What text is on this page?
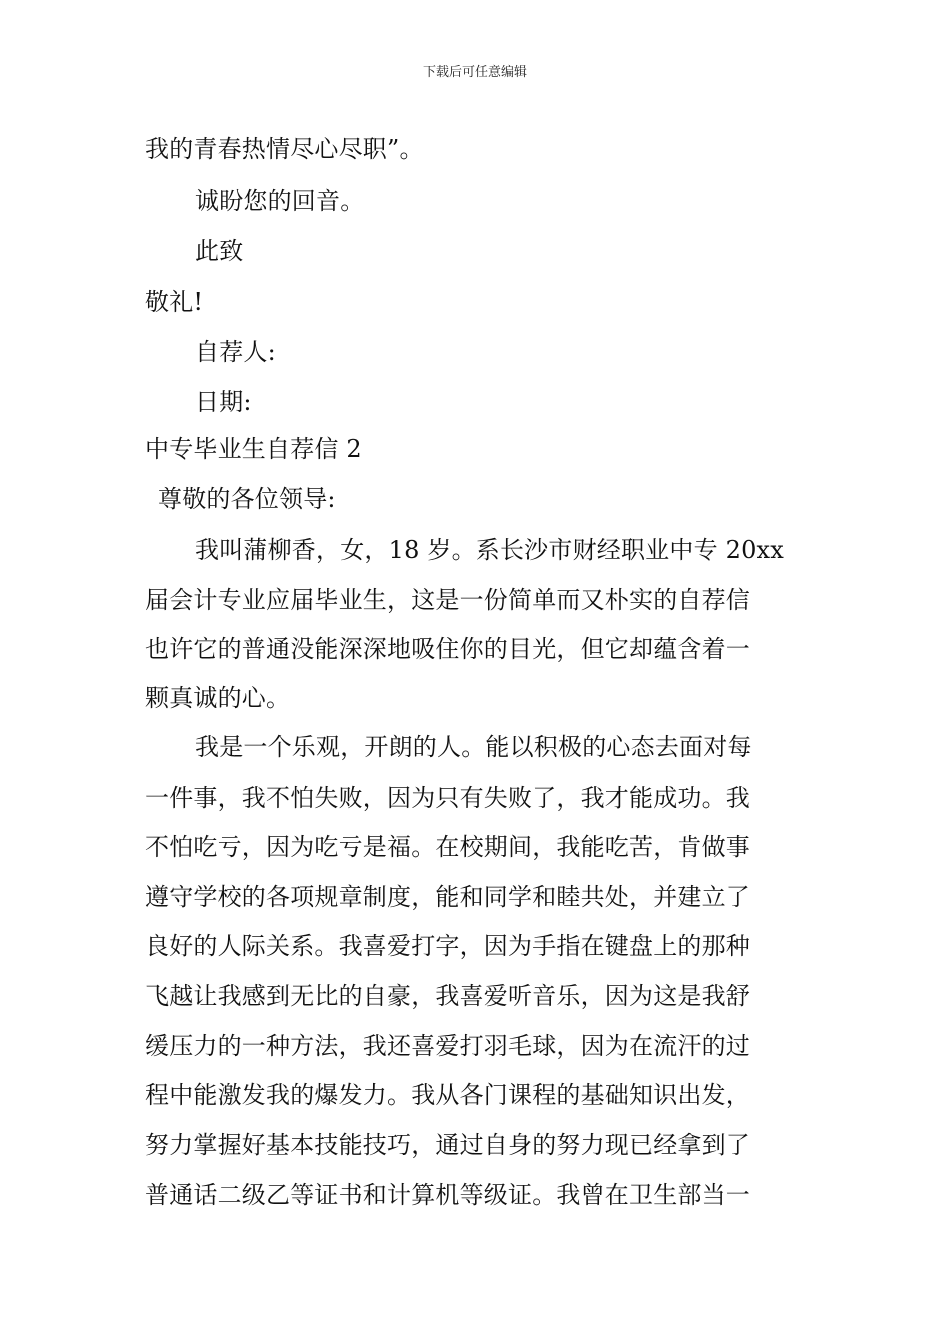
下载后可任意编辑
我的青春热情尽心尽职”。
诚盼您的回音。
此致
敬礼!
自荐人:
日期:
中专毕业生自荐信 2
尊敬的各位领导:
我叫蒲柳香，女，18 岁。系长沙市财经职业中专 20xx
届会计专业应届毕业生，这是一份简单而又朴实的自荐信
也许它的普通没能深深地吸住你的目光，但它却蕴含着一
颗真诚的心。
我是一个乐观，开朗的人。能以积极的心态去面对每
一件事，我不怕失败，因为只有失败了，我才能成功。我
不怕吃亏，因为吃亏是福。在校期间，我能吃苦，肯做事
遵守学校的各项规章制度，能和同学和睦共处，并建立了
良好的人际关系。我喜爱打字，因为手指在键盘上的那种
飞越让我感到无比的自豪，我喜爱听音乐，因为这是我舒
缓压力的一种方法，我还喜爱打羽毛球，因为在流汗的过
程中能激发我的爆发力。我从各门课程的基础知识出发，
努力掌握好基本技能技巧，通过自身的努力现已经拿到了
普通话二级乙等证书和计算机等级证。我曾在卫生部当一
